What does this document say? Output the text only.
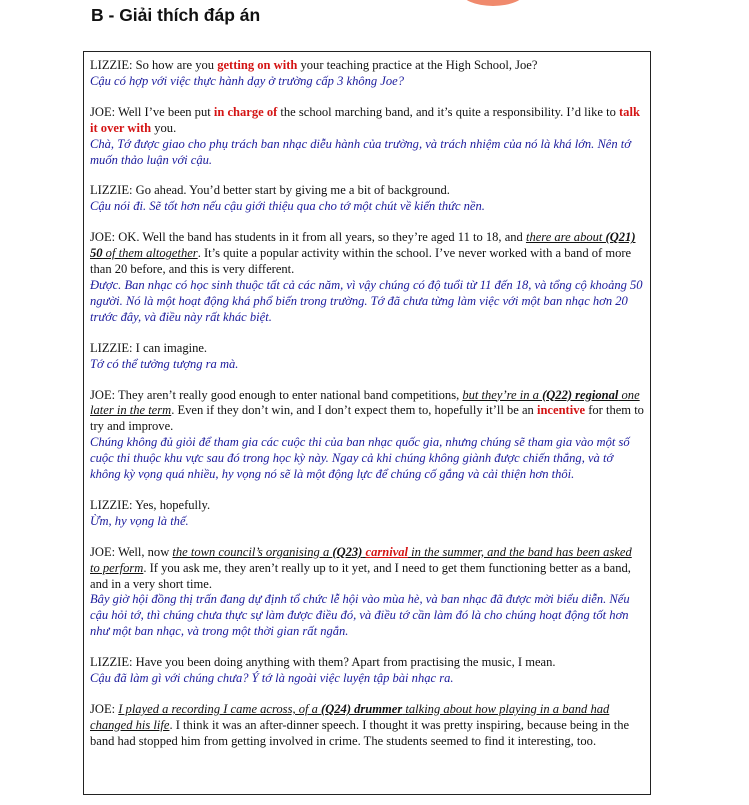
B - Giải thích đáp án
LIZZIE: So how are you getting on with your teaching practice at the High School, Joe?
Cậu có hợp với việc thực hành dạy ở trường cấp 3 không Joe?
JOE: Well I’ve been put in charge of the school marching band, and it’s quite a responsibility. I’d like to talk it over with you.
Chà, Tớ được giao cho phụ trách ban nhạc diễu hành của trường, và trách nhiệm của nó là khá lớn. Nên tớ muốn thảo luận với cậu.
LIZZIE: Go ahead. You’d better start by giving me a bit of background.
Cậu nói đi. Sẽ tốt hơn nếu cậu giới thiệu qua cho tớ một chút về kiến thức nền.
JOE: OK. Well the band has students in it from all years, so they’re aged 11 to 18, and there are about (Q21) 50 of them altogether. It’s quite a popular activity within the school. I’ve never worked with a band of more than 20 before, and this is very different.
Được. Ban nhạc có học sinh thuộc tất cả các năm, vì vậy chúng có độ tuổi từ 11 đến 18, và tổng cộ khoảng 50 người. Nó là một hoạt động khá phổ biến trong trường. Tớ đã chưa từng làm việc với một ban nhạc hơn 20 trước đây, và điều này rất khác biệt.
LIZZIE: I can imagine.
Tớ có thể tưởng tượng ra mà.
JOE: They aren’t really good enough to enter national band competitions, but they’re in a (Q22) regional one later in the term. Even if they don’t win, and I don’t expect them to, hopefully it’ll be an incentive for them to try and improve.
Chúng không đủ giỏi để tham gia các cuộc thi của ban nhạc quốc gia, nhưng chúng sẽ tham gia vào một số cuộc thi thuộc khu vực sau đó trong học kỳ này. Ngay cả khi chúng không giành được chiến thắng, và tớ không kỳ vọng quá nhiều, hy vọng nó sẽ là một động lực để chúng cố gắng và cải thiện hơn thôi.
LIZZIE: Yes, hopefully.
Ừm, hy vọng là thế.
JOE: Well, now the town council’s organising a (Q23) carnival in the summer, and the band has been asked to perform. If you ask me, they aren’t really up to it yet, and I need to get them functioning better as a band, and in a very short time.
Bây giờ hội đồng thị trấn đang dự định tổ chức lễ hội vào mùa hè, và ban nhạc đã được mời biểu diễn. Nếu cậu hỏi tớ, thì chúng chưa thực sự làm được điều đó, và điều tớ cần làm đó là cho chúng hoạt động tốt hơn như một ban nhạc, và trong một thời gian rất ngắn.
LIZZIE: Have you been doing anything with them? Apart from practising the music, I mean.
Cậu đã làm gì với chúng chưa? Ý tớ là ngoài việc luyện tập bài nhạc ra.
JOE: I played a recording I came across, of a (Q24) drummer talking about how playing in a band had changed his life. I think it was an after-dinner speech. I thought it was pretty inspiring, because being in the band had stopped him from getting involved in crime. The students seemed to find it interesting, too.
